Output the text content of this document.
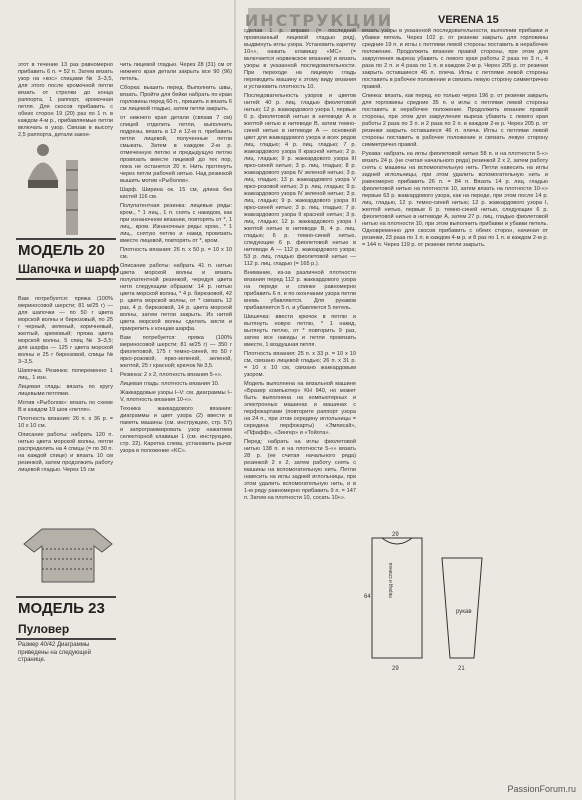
ИНСТРУКЦИИ	VERENA 15
МОДЕЛЬ 20
Шапочка и шарф

этот в течение 13 раз равномерно прибавить 6 п. = 52 п. Затем вязать узор на «кос» спицами № 3–3,5, для этого после кромочной петли вязать от стрелки до конца раппорта, 1 раппорт, кромочная петля. Для скосов прибавить с обеих сторон 19 (20) раз по 1 п. в каждом 4-м р., прибавляемые петли включать в узор. Связав в высоту 2,5 раппорта, детали закон-

Вам потребуется: пряжа (100% мериносовой шерсти; 81 м/25 г) — для шапочки — по 50 г цвета морской волны и бирюзовый, по 25 г черный, зеленый, коричневый, желтый, кремовый; пряжа цвета морской волны, 5 спиц № 3–3,5; для шарфа — 125 г цвета морской волны и 25 г бирюзовой, спицы № 3–3,5.

Шапочка. Резинка: попеременно 1 лиц., 1 изн.

Лицевая гладь: вязать по кругу лицевыми петлями.

Мотив «Рыболов»: вязать по схеме В в каждом 19 шов «петля».

Плотность вязания: 26 п. x 36 р. = 10 x 10 см.

Описание работы: набрать 120 п. нитью цвета морской волны, петли распределить на 4 спицы (= по 30 п. на каждой спице) и вязать 10 см резинкой, затем продолжить работу лицевой гладью. Через 15 см

МОДЕЛЬ 23
Пуловер
Размер 40/42 Диаграммы приведены на следующей странице.

чить лицевой гладью. Через 28 (31) см от нижнего края детали закрыть все 90 (96) петель.

Сборка: вышить перед. Выполнить швы, вязать. Пройти для бейки набрать по краю горловины перед 60 п., пришить и вязать 6 см лицевой гладью, затем петли закрыть.

от нижнего края детали (связав 7 см) спицей отделить петли, выполнить подрезы, вязать в 12 и 12-м п. прибавить петли лицевой, полученные петли смыкать. Затем в каждом 2-м р. отмеченную петлю и предыдущую петлю провязать вместе лицевой до тех пор, пока не останется 20 п. Нить протянуть через петли рабочей нитью. Над резинкой вышить мотив «Рыболов».

Шарф. Ширина ок. 15 см, длина без кистей 116 см.

Полупатентная резинка: лицевые ряды: кром., * 1 лиц., 1 п. снять с накидом, как при изнаночном вязании, повторять от *, 1 лиц., кром. Изнаночные ряды: кром., * 1 лиц., снятую петлю и накид провязать вместе лицевой, повторять от *, кром.

Плотность вязания: 26 п. x 50 р. = 10 x 10 см.

Описание работы: набрать 41 п. нитью цвета морской волны и вязать полупатентной резинкой, чередуя цвета нити следующим образом: 14 р. нитью цвета морской волны, * 4 р. бирюзовой, 42 р. цвета морской волны, от * связать 12 раз, 4 р. бирюзовой, 14 р. цвета морской волны, затем петли закрыть. Из нитей цвета морской волны сделать кисти и прикрепить к концам шарфа.

Вам потребуется: пряжа (100% мериносовой шерсти; 81 м/25 г) — 350 г фиолетовой, 175 г темно-синей, по 50 г ярко-розовой, ярко-зеленой, зеленой, желтой, 25 г красной; крючок № 3,5.

Резинка: 2 x 2, плотность вязания 5-«».

Лицевая гладь: плотность вязания 10.

Жаккардовые узоры I–V: см. диаграммы I–V, плотность вязания 10-«».

Техника жаккардового вязания: диаграммы и цвет узора (2) ввести в память машины (см. инструкцию, стр. 57) и запрограммировать узор нажатием селекторной клавиши 1 (см. инструкцию, стр. 22). Каретка слева, установить рычаг узора в положение «KC».

сделав 1 р. вправо (= последний провязанный лицевой гладью ряд), выдвинуть иглы узора. Установить каретку 10«», нажать клавишу «MC» (= включается норвежское вязание) и вязать узоры в указанной последовательности. При переходе на лицевую гладь переводить машину к этому виду вязания и установить плотность 10.

Последовательность узоров и цветов нитей: 40 р. лиц. гладью фиолетовой нитью; 12 р. жаккардового узора I, первые 6 р. фиолетовой нитью в нитеводе А и желтой нитью в нитеводе В, затем темно-синей нитью в нитеводе А — основной цвет для жаккардового узора и всех рядов лиц. гладью; 4 р. лиц. гладью; 7 р. жаккардового узора II красной нитью; 2 р. лиц. гладью; 9 р. жаккардового узора III ярко-синей нитью; 3 р. лиц. гладью; 8 р. жаккардового узора IV зеленой нитью; 3 р. лиц. гладью; 13 р. жаккардового узора V ярко-розовой нитью; 3 р. лиц. гладью; 9 р. жаккардового узора IV зеленой нитью; 3 р. лиц. гладью; 9 р. жаккардового узора III ярко-синей нитью; 3 р. лиц. гладью; 7 р. жаккардового узора II красной нитью; 3 р. лиц. гладью; 12 р. жаккардового узора I желтой нитью в нитеводе В, 4 р. лиц. гладью; 6 р. темно-синей нитью, следующие 6 р. фиолетовой нитью в нитеводе А — 112 р. жаккардового узора; 53 р. лиц. гладью фиолетовой нитью — 112 р. лиц. гладью (= 165 р.).

Внимание, из-за различной плотности вязания перед 112 р. жаккардового узора на переде и спинке равномерно прибавить 6 п. и по окончании узора петли вновь убавляются. Для рукавов прибавляется 5 п. и убавляется 5 петель.

Шишечка: ввести крючок в петлю и вытянуть новую петлю, * 1 накид, вытянуть петлю, от * повторить 9 раз, затем все накиды и петли провязать вместе, 1 воздушная петля.

Плотность вязания: 25 п. x 33 р. = 10 x 10 см, связано лицевой гладью; 26 п. x 31 р. = 10 x 10 см, связано жаккардовым узором.

Модель выполнена на вязальной машине «Бразер компьютер» KH 940, но может быть выполнена на компьютерных и электронных машинах и машинах с перфокартами (повторите раппорт узора на 24 п., при этом середину иглольницы = середина перфокарты) «Эмпиcalt», «Пфафф», «Зингер» и «Тойота».

Перед: набрать на иглы фиолетовой нитью 138 п. и на плотности 5-«» вязать 28 р. (не считая начального ряда) резинкой 2 x 2, затем работу снять с машины на вспомогательную нить. Петли навесить на иглы задней иглольницы, при этом удалить вспомогательную нить, и в 1-м ряду равномерно прибавить 9 п. = 147 п. Затем на плотности 10, сосать 10«».

вязать узоры в указанной последовательности, выполнив прибавки и убавки петель. Через 102 р. от резинки закрыть для горловины средние 19 п. и иглы с петлями левой стороны поставить в нерабочее положение. Продолжить вязание правой стороны, при этом для закругления выреза убавить с левого края работы 2 раза по 3 п., 4 раза по 2 п. и 4 раза по 1 п. в каждом 2-м р. Через 205 р. от резинки закрыть оставшиеся 46 п. плеча. Иглы с петлями левой стороны поставить в рабочее положение и связать левую сторону симметрично правой.

Спинка: вязать, как перед, но только через 196 р. от резинки закрыть для горловины средние 35 п. и иглы с петлями левой стороны поставить в нерабочее положение. Продолжить вязание правой стороны, при этом для закругления выреза убавить с левого края работы 2 раза по 3 п. и 2 раза по 2 п. в каждом 2-м р. Через 205 р. от резинки закрыть оставшиеся 46 п. плеча. Иглы с петлями левой стороны поставить в рабочее положение и связать левую сторону симметрично правой.

Рукава: набрать на иглы фиолетовой нитью 58 п. и на плотности 5-«» вязать 24 р. (не считая начального ряда) резинкой 2 x 2, затем работу снять с машины на вспомогательную нить. Петли навесить на иглы задней иглольницы, при этом удалить вспомогательную нить и равномерно прибавить 26 п. = 84 п. Вязать 14 р. лиц. гладью фиолетовой нитью на плотности 10, затем вязать на плотности 10-«» первые 63 р. жаккардового узора, как на переде, при этом после 14 р. лиц. гладью, 12 р. темно-синей нитью; 12 р. жаккардового узора I, желтой нитью, первые 6 р. темно-синей нитью, следующие 6 р. фиолетовой нитью в нитеводе А, затем 27 р. лиц. гладью фиолетовой нитью на плотности 10, при этом выполнить прибавки и убавки петель. Одновременно для скосов прибавить с обеих сторон, начиная от резинки, 23 раза по 1 п. в каждом 4-м р. и 8 раз по 1 п. в каждом 2-м р. = 144 п. Через 119 р. от резинки петли закрыть.

перед и спинка
рукав
29	21
64
29
PassionForum.ru
